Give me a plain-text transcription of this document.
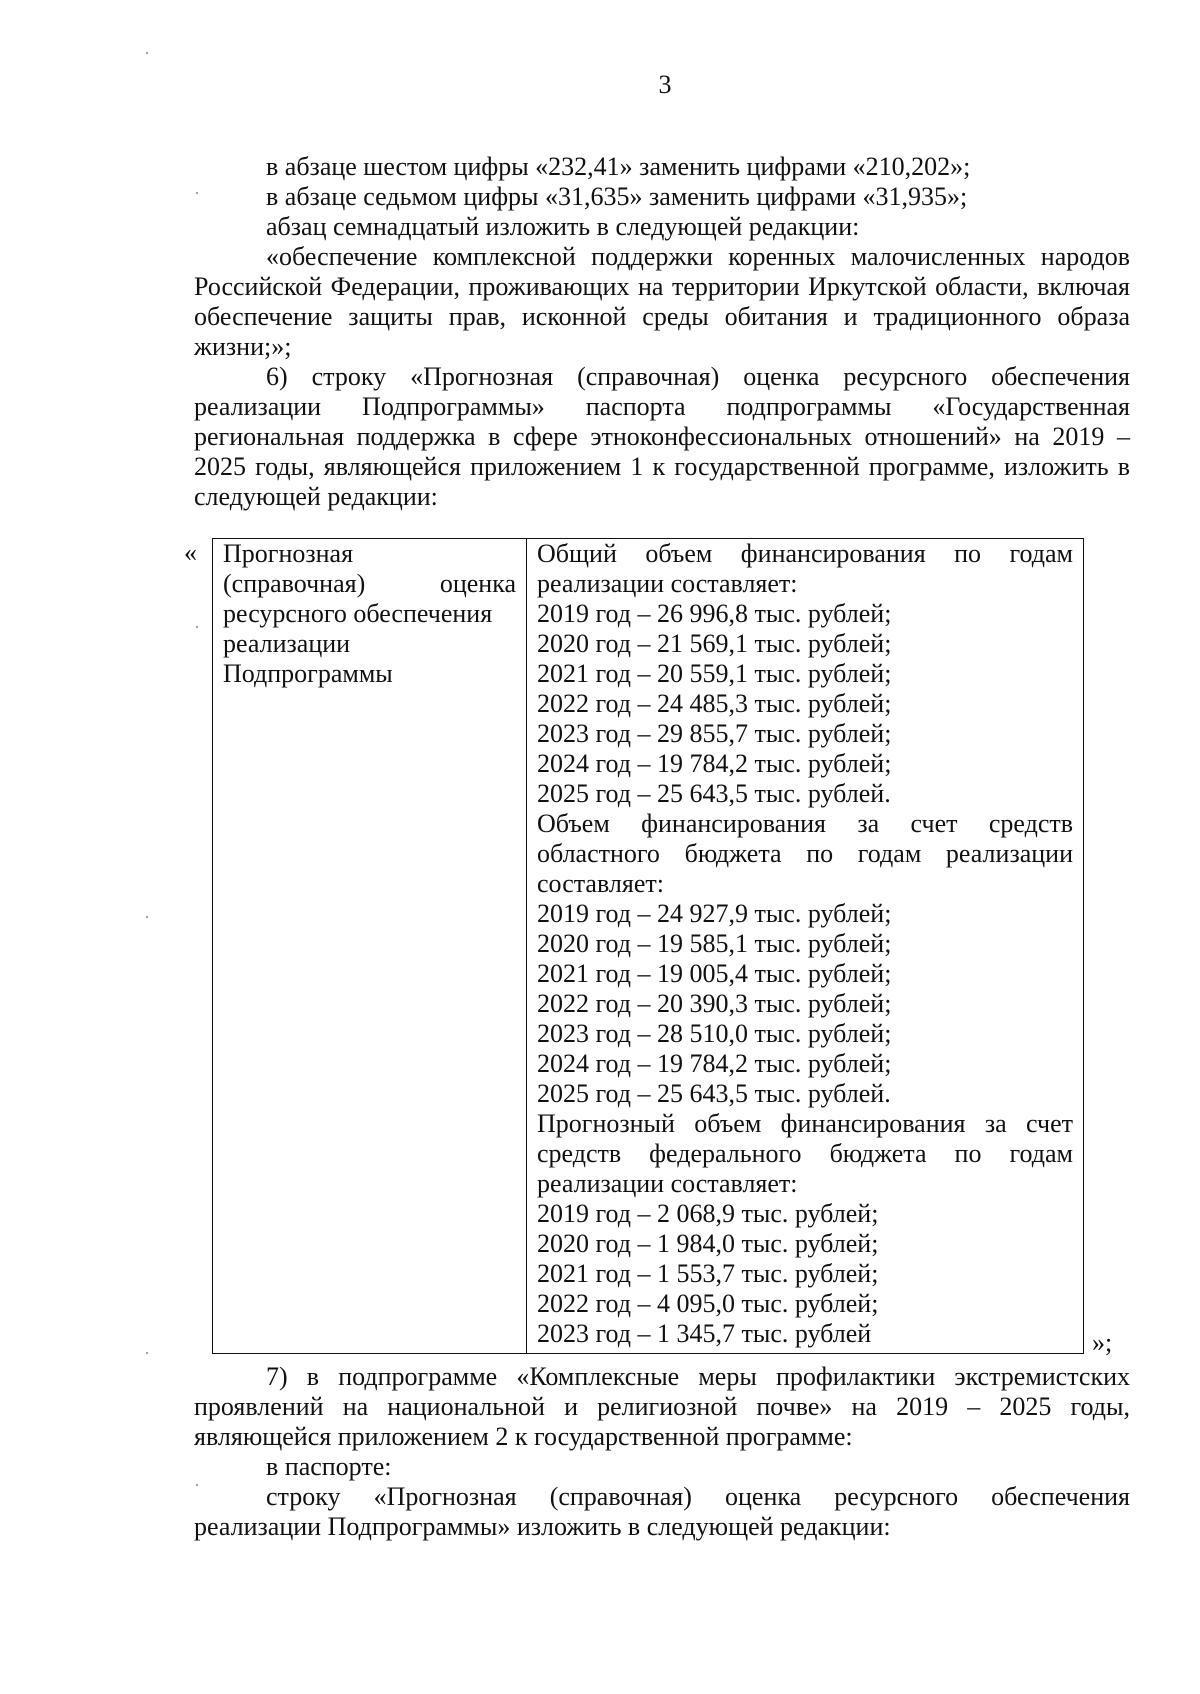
3
в абзаце шестом цифры «232,41» заменить цифрами «210,202»;
в абзаце седьмом цифры «31,635» заменить цифрами «31,935»;
абзац семнадцатый изложить в следующей редакции:
«обеспечение комплексной поддержки коренных малочисленных народов Российской Федерации, проживающих на территории Иркутской области, включая обеспечение защиты прав, исконной среды обитания и традиционного образа жизни;»;
6) строку «Прогнозная (справочная) оценка ресурсного обеспечения реализации Подпрограммы» паспорта подпрограммы «Государственная региональная поддержка в сфере этноконфессиональных отношений» на 2019 – 2025 годы, являющейся приложением 1 к государственной программе, изложить в следующей редакции:
« Прогнозная
(справочная) оценка
ресурсного обеспечения
реализации
Подпрограммы
Общий объем финансирования по годам
реализации составляет:
2019 год – 26 996,8 тыс. рублей;
2020 год – 21 569,1 тыс. рублей;
2021 год – 20 559,1 тыс. рублей;
2022 год – 24 485,3 тыс. рублей;
2023 год – 29 855,7 тыс. рублей;
2024 год – 19 784,2 тыс. рублей;
2025 год – 25 643,5 тыс. рублей.
Объем финансирования за счет средств
областного бюджета по годам реализации
составляет:
2019 год – 24 927,9 тыс. рублей;
2020 год – 19 585,1 тыс. рублей;
2021 год – 19 005,4 тыс. рублей;
2022 год – 20 390,3 тыс. рублей;
2023 год – 28 510,0 тыс. рублей;
2024 год – 19 784,2 тыс. рублей;
2025 год – 25 643,5 тыс. рублей.
Прогнозный объем финансирования за счет
средств федерального бюджета по годам
реализации составляет:
2019 год – 2 068,9 тыс. рублей;
2020 год – 1 984,0 тыс. рублей;
2021 год – 1 553,7 тыс. рублей;
2022 год – 4 095,0 тыс. рублей;
2023 год – 1 345,7 тыс. рублей	»;
7) в подпрограмме «Комплексные меры профилактики экстремистских проявлений на национальной и религиозной почве» на 2019 – 2025 годы, являющейся приложением 2 к государственной программе:
в паспорте:
строку «Прогнозная (справочная) оценка ресурсного обеспечения реализации Подпрограммы» изложить в следующей редакции:
